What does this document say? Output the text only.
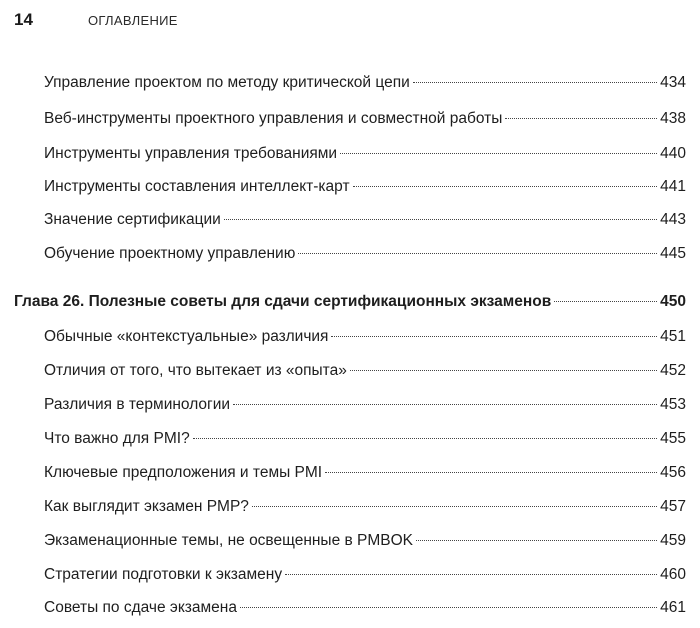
14	ОГЛАВЛЕНИЕ
Управление проектом по методу критической цепи	434
Веб-инструменты проектного управления и совместной работы	438
Инструменты управления требованиями	440
Инструменты составления интеллект-карт	441
Значение сертификации	443
Обучение проектному управлению	445
Глава 26. Полезные советы для сдачи сертификационных экзаменов	450
Обычные «контекстуальные» различия	451
Отличия от того, что вытекает из «опыта»	452
Различия в терминологии	453
Что важно для PMI?	455
Ключевые предположения и темы PMI	456
Как выглядит экзамен PMP?	457
Экзаменационные темы, не освещенные в PMBOK	459
Стратегии подготовки к экзамену	460
Советы по сдаче экзамена	461
